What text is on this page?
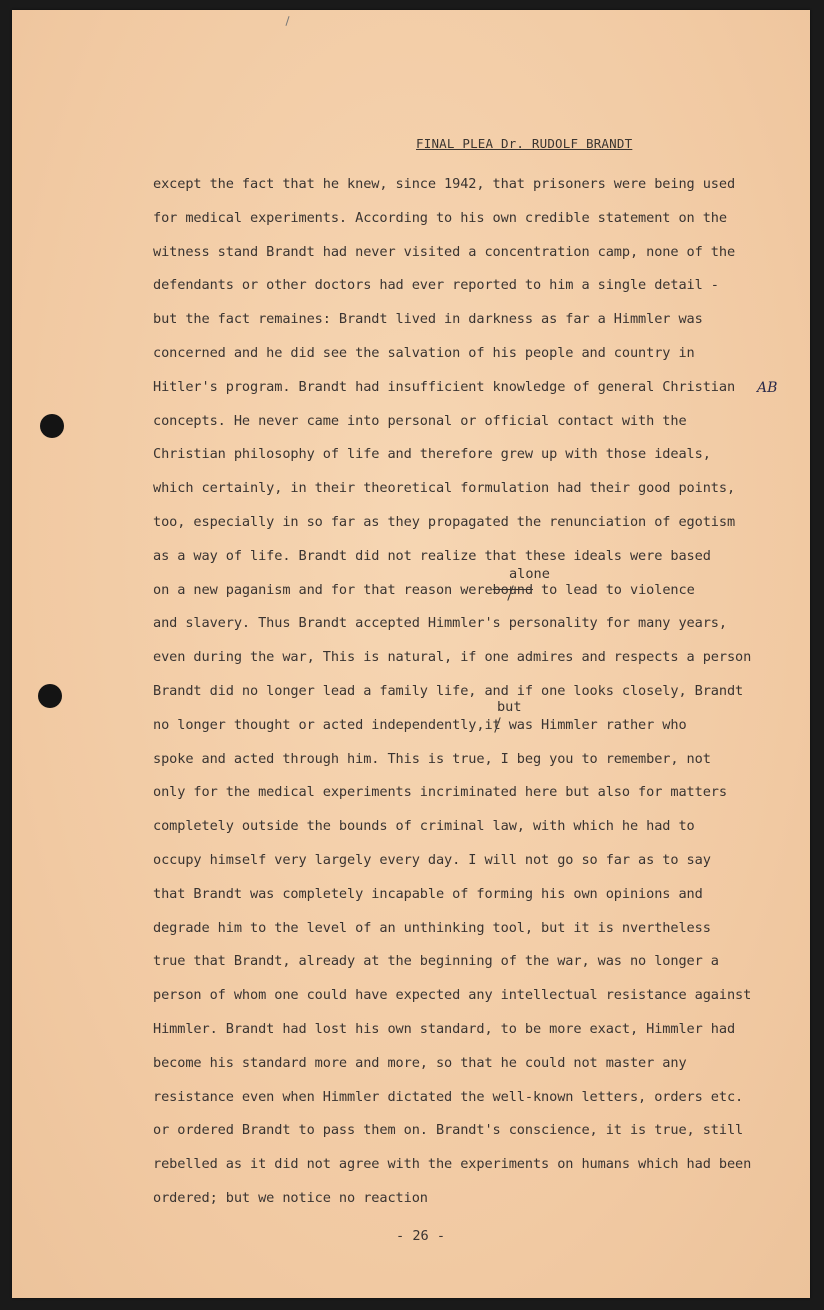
FINAL PLEA Dr. RUDOLF BRANDT
alone
but
AB
except the fact that he knew, since 1942, that prisoners were being used
for medical experiments. According to his own credible statement on the
witness stand Brandt had never visited a concentration camp, none of the
defendants or other doctors had ever reported to him a single detail -
but the fact remaines: Brandt lived in darkness as far a Himmler was
concerned and he did see the salvation of his people and country in
Hitler's program. Brandt had insufficient knowledge of general Christian
concepts. He never came into personal or official contact with the
Christian philosophy of life and therefore grew up with those ideals,
which certainly, in their theoretical formulation had their good points,
too, especially in so far as they propagated the renunciation of egotism
as a way of life. Brandt did not realize that these ideals were based
on a new paganism and for that reason werebound to lead to violence
and slavery. Thus Brandt accepted Himmler's personality for many years,
even during the war, This is natural, if one admires and respects a person
Brandt did no longer lead a family life, and if one looks closely, Brandt
no longer thought or acted independently,it was Himmler rather who
spoke and acted through him. This is true, I beg you to remember, not
only for the medical experiments incriminated here but also for matters
completely outside the bounds of criminal law, with which he had to
occupy himself very largely every day. I will not go so far as to say
that Brandt was completely incapable of forming his own opinions and
degrade him to the level of an unthinking tool, but it is nvertheless
true that Brandt, already at the beginning of the war, was no longer a
person of whom one could have expected any intellectual resistance against
Himmler. Brandt had lost his own standard, to be more exact, Himmler had
become his standard more and more, so that he could not master any
resistance even when Himmler dictated the well-known letters, orders etc.
or ordered Brandt to pass them on. Brandt's conscience, it is true, still
rebelled as it did not agree with the experiments on humans which had been
ordered; but we notice no reaction
- 26 -
